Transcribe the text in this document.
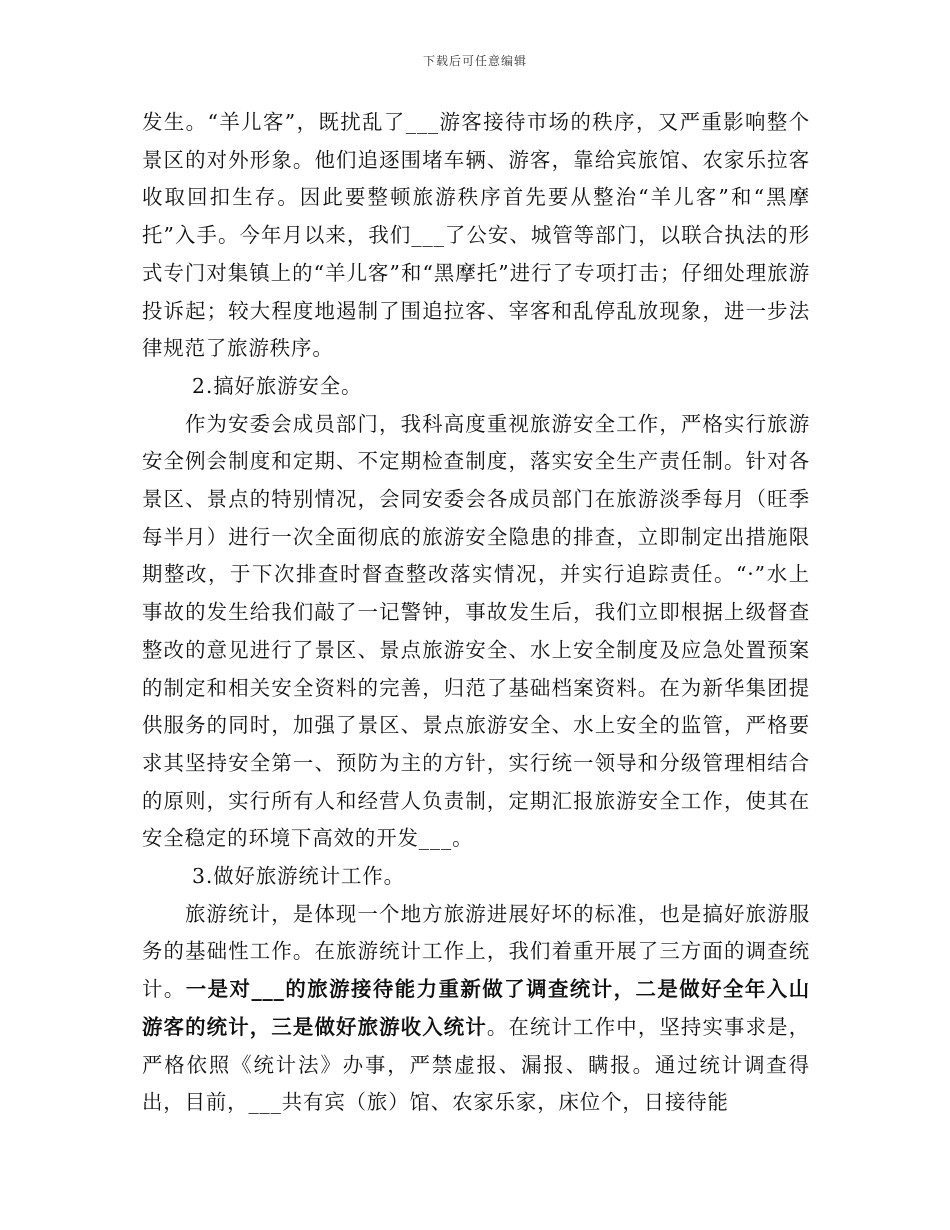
下载后可任意编辑

发生。“羊儿客”，既扰乱了___游客接待市场的秩序，又严重影响整个景区的对外形象。他们追逐围堵车辆、游客，靠给宾旅馆、农家乐拉客收取回扣生存。因此要整顿旅游秩序首先要从整治“羊儿客”和“黑摩托”入手。今年月以来，我们___了公安、城管等部门，以联合执法的形式专门对集镇上的“羊儿客”和“黑摩托”进行了专项打击；仔细处理旅游投诉起；较大程度地遏制了围追拉客、宰客和乱停乱放现象，进一步法律规范了旅游秩序。

2.搞好旅游安全。

作为安委会成员部门，我科高度重视旅游安全工作，严格实行旅游安全例会制度和定期、不定期检查制度，落实安全生产责任制。针对各景区、景点的特别情况，会同安委会各成员部门在旅游淡季每月（旺季每半月）进行一次全面彻底的旅游安全隐患的排查，立即制定出措施限期整改，于下次排查时督查整改落实情况，并实行追踪责任。“·”水上事故的发生给我们敲了一记警钟，事故发生后，我们立即根据上级督查整改的意见进行了景区、景点旅游安全、水上安全制度及应急处置预案的制定和相关安全资料的完善，归范了基础档案资料。在为新华集团提供服务的同时，加强了景区、景点旅游安全、水上安全的监管，严格要求其坚持安全第一、预防为主的方针，实行统一领导和分级管理相结合的原则，实行所有人和经营人负责制，定期汇报旅游安全工作，使其在安全稳定的环境下高效的开发___。

3.做好旅游统计工作。

旅游统计，是体现一个地方旅游进展好坏的标准，也是搞好旅游服务的基础性工作。在旅游统计工作上，我们着重开展了三方面的调查统计。一是对___的旅游接待能力重新做了调查统计，二是做好全年入山游客的统计，三是做好旅游收入统计。在统计工作中，坚持实事求是，严格依照《统计法》办事，严禁虚报、漏报、瞒报。通过统计调查得出，目前，___共有宾（旅）馆、农家乐家，床位个，日接待能
